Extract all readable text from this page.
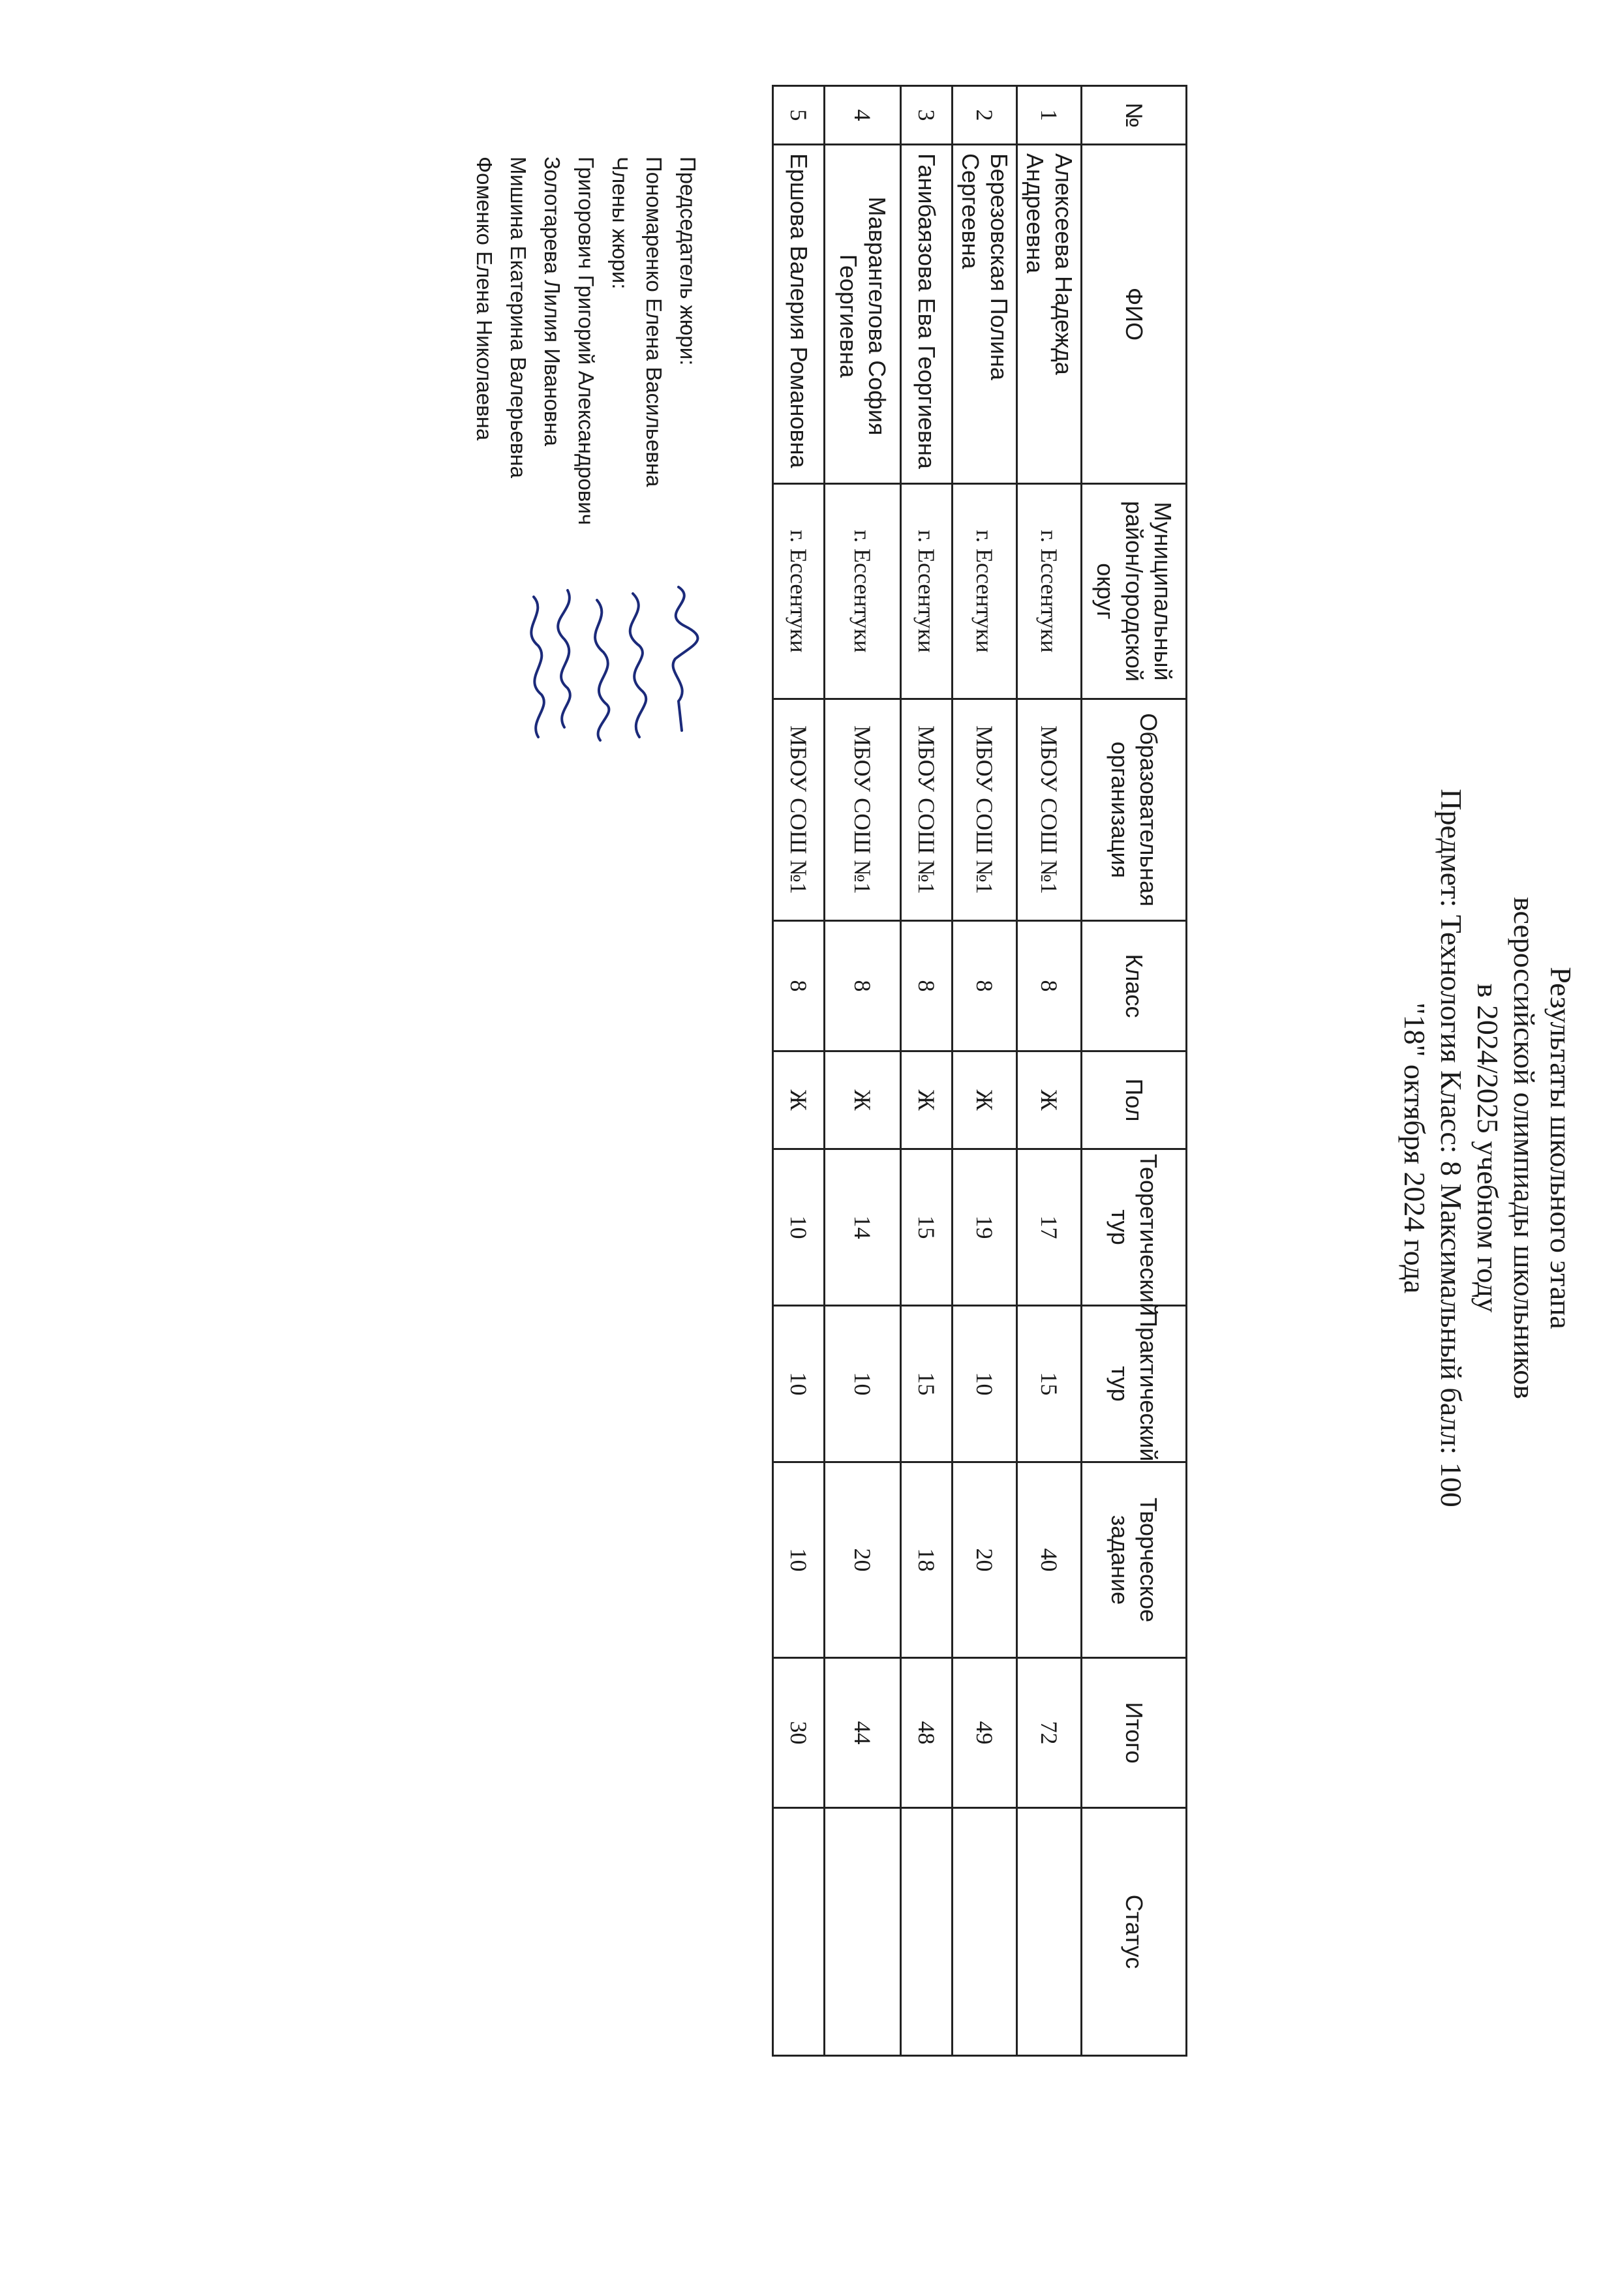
Результаты школьного этапа
всероссийской олимпиады школьников
в 2024/2025 учебном году
Предмет: Технология Класс: 8 Максимальный балл: 100
"18" октября 2024 года
№	ФИО	Муниципальный район/городской округ	Образовательная организация	Класс	Пол	Теоретический тур	Практический тур	Творческое задание	Итого	Статус
1	Алексеева Надежда Андреевна	г. Ессентуки	МБОУ СОШ №1	8	Ж	17	15	40	72	
2	Березовская Полина Сергеевна	г. Ессентуки	МБОУ СОШ №1	8	Ж	19	10	20	49	
3	Ганибаязова Ева Георгиевна	г. Ессентуки	МБОУ СОШ №1	8	Ж	15	15	18	48	
4	Маврангелова София Георгиевна	г. Ессентуки	МБОУ СОШ №1	8	Ж	14	10	20	44	
5	Ершова Валерия Романовна	г. Ессентуки	МБОУ СОШ №1	8	Ж	10	10	10	30	
Председатель жюри:
Пономаренко Елена Васильевна
Члены жюри:
Григорович Григорий Александрович
Золотарева Лилия Ивановна
Мишина Екатерина Валерьевна
Фоменко Елена Николаевна
